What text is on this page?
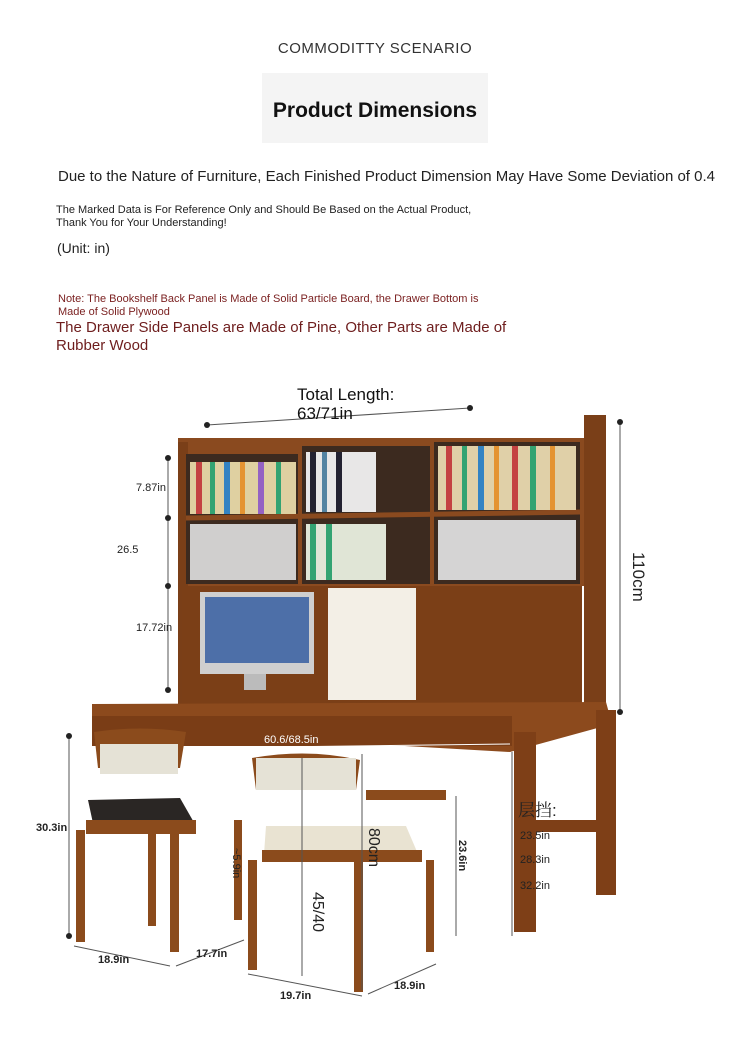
COMMODITTY SCENARIO
Product Dimensions
Due to the Nature of Furniture, Each Finished Product Dimension May Have Some Deviation of 0.4
The Marked Data is For Reference Only and Should Be Based on the Actual Product,
Thank You for Your Understanding!
(Unit: in)
Note: The Bookshelf Back Panel is Made of Solid Particle Board, the Drawer Bottom is
Made of Solid Plywood
The Drawer Side Panels are Made of Pine, Other Parts are Made of Rubber Wood
Total Length:
63/71in
7.87in
26.5
17.72in
110cm
60.6/68.5in
30.3in	80cm
45/40
23.6in
~5.9in
层挡:
23.5in
28.3in
32.2in
18.9in	17.7in
19.7in
18.9in
